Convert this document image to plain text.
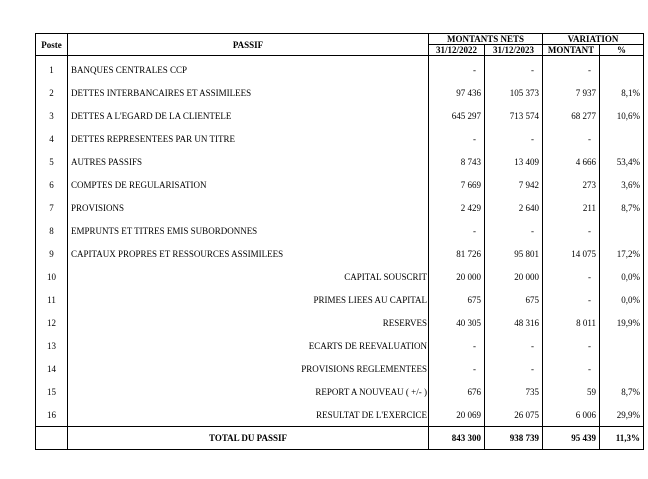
Poste	PASSIF	MONTANTS NETS		VARIATION	
		31/12/2022	31/12/2023	MONTANT	%
1	BANQUES CENTRALES CCP	-	-	-	
2	DETTES INTERBANCAIRES ET ASSIMILEES	97 436	105 373	7 937	8,1%
3	DETTES A L'EGARD DE LA CLIENTELE	645 297	713 574	68 277	10,6%
4	DETTES REPRESENTEES PAR UN TITRE	-	-	-	
5	AUTRES PASSIFS	8 743	13 409	4 666	53,4%
6	COMPTES DE REGULARISATION	7 669	7 942	273	3,6%
7	PROVISIONS	2 429	2 640	211	8,7%
8	EMPRUNTS ET TITRES EMIS SUBORDONNES	-	-	-	
9	CAPITAUX PROPRES ET RESSOURCES ASSIMILEES	81 726	95 801	14 075	17,2%
10	CAPITAL SOUSCRIT	20 000	20 000	-	0,0%
11	PRIMES LIEES AU CAPITAL	675	675	-	0,0%
12	RESERVES	40 305	48 316	8 011	19,9%
13	ECARTS DE REEVALUATION	-	-	-	
14	PROVISIONS REGLEMENTEES	-	-	-	
15	REPORT A NOUVEAU ( +/- )	676	735	59	8,7%
16	RESULTAT DE L'EXERCICE	20 069	26 075	6 006	29,9%
	TOTAL DU PASSIF	843 300	938 739	95 439	11,3%
